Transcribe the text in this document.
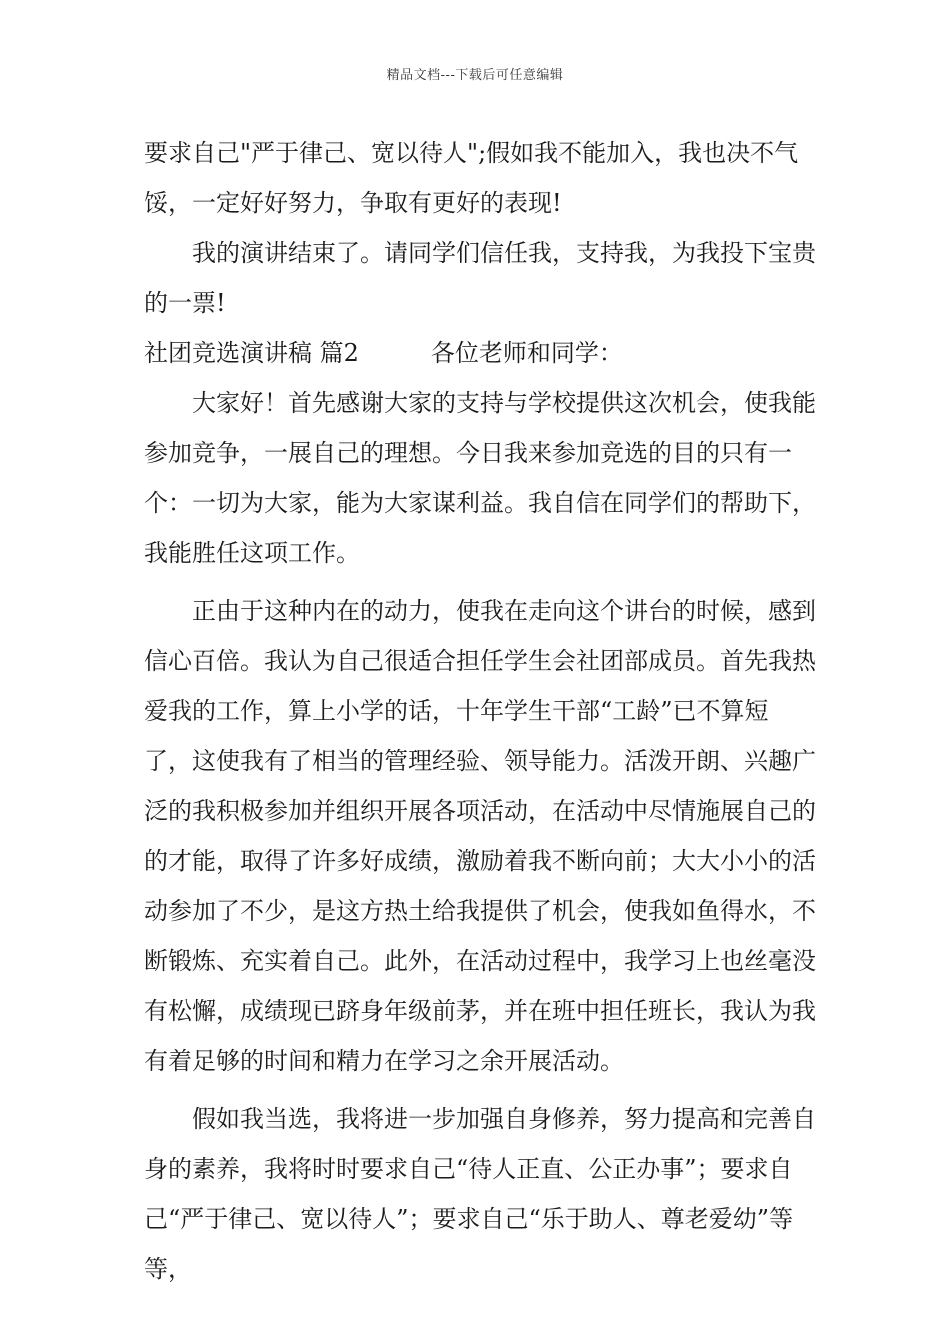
精品文档---下载后可任意编辑

要求自己"严于律己、宽以待人";假如我不能加入，我也决不气馁，一定好好努力，争取有更好的表现!

我的演讲结束了。请同学们信任我，支持我，为我投下宝贵的一票!

社团竞选演讲稿 篇2　　　各位老师和同学：

大家好！首先感谢大家的支持与学校提供这次机会，使我能参加竞争，一展自己的理想。今日我来参加竞选的目的只有一个：一切为大家，能为大家谋利益。我自信在同学们的帮助下，我能胜任这项工作。

正由于这种内在的动力，使我在走向这个讲台的时候，感到信心百倍。我认为自己很适合担任学生会社团部成员。首先我热爱我的工作，算上小学的话，十年学生干部“工龄”已不算短了，这使我有了相当的管理经验、领导能力。活泼开朗、兴趣广泛的我积极参加并组织开展各项活动，在活动中尽情施展自己的的才能，取得了许多好成绩，激励着我不断向前；大大小小的活动参加了不少，是这方热土给我提供了机会，使我如鱼得水，不断锻炼、充实着自己。此外，在活动过程中，我学习上也丝毫没有松懈，成绩现已跻身年级前茅，并在班中担任班长，我认为我有着足够的时间和精力在学习之余开展活动。

假如我当选，我将进一步加强自身修养，努力提高和完善自身的素养，我将时时要求自己“待人正直、公正办事”；要求自己“严于律己、宽以待人”；要求自己“乐于助人、尊老爱幼”等等，
